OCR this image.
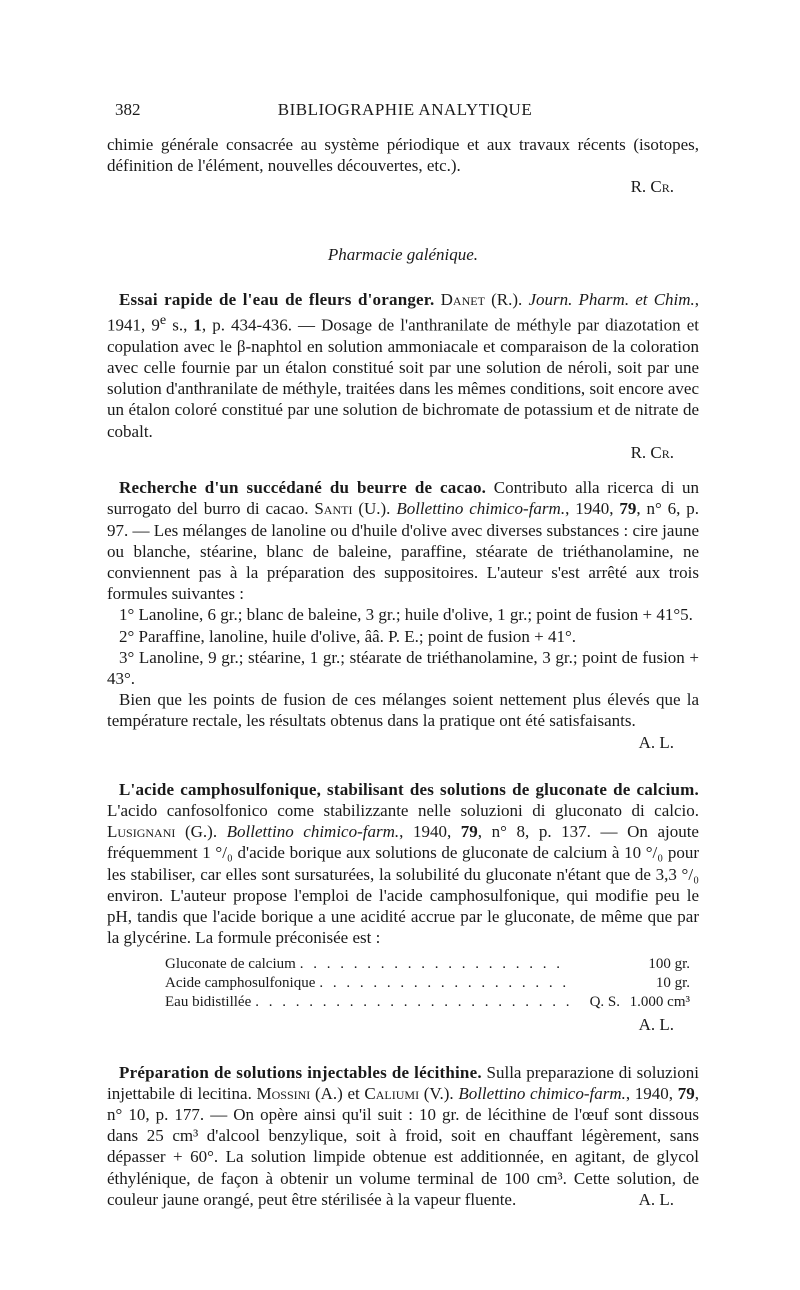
382	BIBLIOGRAPHIE ANALYTIQUE

chimie générale consacrée au système périodique et aux travaux récents (isotopes, définition de l'élément, nouvelles découvertes, etc.).

R. Cr.

Pharmacie galénique.

Essai rapide de l'eau de fleurs d'oranger. Danet (R.). Journ. Pharm. et Chim., 1941, 9e s., 1, p. 434-436. — Dosage de l'anthranilate de méthyle par diazotation et copulation avec le β-naphtol en solution ammoniacale et comparaison de la coloration avec celle fournie par un étalon constitué soit par une solution de néroli, soit par une solution d'anthranilate de méthyle, traitées dans les mêmes conditions, soit encore avec un étalon coloré constitué par une solution de bichromate de potassium et de nitrate de cobalt.

R. Cr.

Recherche d'un succédané du beurre de cacao. Contributo alla ricerca di un surrogato del burro di cacao. Santi (U.). Bollettino chimico-farm., 1940, 79, n° 6, p. 97. — Les mélanges de lanoline ou d'huile d'olive avec diverses substances : cire jaune ou blanche, stéarine, blanc de baleine, paraffine, stéarate de triéthanolamine, ne conviennent pas à la préparation des suppositoires. L'auteur s'est arrêté aux trois formules suivantes :

1° Lanoline, 6 gr.; blanc de baleine, 3 gr.; huile d'olive, 1 gr.; point de fusion + 41°5.

2° Paraffine, lanoline, huile d'olive, ââ. P. E.; point de fusion + 41°.

3° Lanoline, 9 gr.; stéarine, 1 gr.; stéarate de triéthanolamine, 3 gr.; point de fusion + 43°.

Bien que les points de fusion de ces mélanges soient nettement plus élevés que la température rectale, les résultats obtenus dans la pratique ont été satisfaisants.

A. L.

L'acide camphosulfonique, stabilisant des solutions de gluconate de calcium. L'acido canfosolfonico come stabilizzante nelle soluzioni di gluconato di calcio. Lusignani (G.). Bollettino chimico-farm., 1940, 79, n° 8, p. 137. — On ajoute fréquemment 1 °/₀ d'acide borique aux solutions de gluconate de calcium à 10 °/₀ pour les stabiliser, car elles sont sursaturées, la solubilité du gluconate n'étant que de 3,3 °/₀ environ. L'auteur propose l'emploi de l'acide camphosulfonique, qui modifie peu le pH, tandis que l'acide borique a une acidité accrue par le gluconate, de même que par la glycérine. La formule préconisée est :

Gluconate de calcium . . .	100 gr.
Acide camphosulfonique . . .	10 gr.
Eau bidistillée . . .	Q. S. 1.000 cm³

A. L.

Préparation de solutions injectables de lécithine. Sulla preparazione di soluzioni injettabile di lecitina. Mossini (A.) et Caliumi (V.). Bollettino chimico-farm., 1940, 79, n° 10, p. 177. — On opère ainsi qu'il suit : 10 gr. de lécithine de l'œuf sont dissous dans 25 cm³ d'alcool benzylique, soit à froid, soit en chauffant légèrement, sans dépasser + 60°. La solution limpide obtenue est additionnée, en agitant, de glycol éthylénique, de façon à obtenir un volume terminal de 100 cm³. Cette solution, de couleur jaune orangé, peut être stérilisée à la vapeur fluente.	A. L.
